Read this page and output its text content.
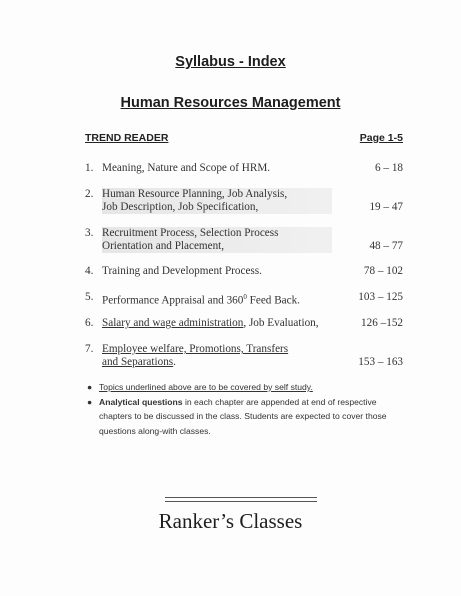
Syllabus - Index
Human Resources Management
TREND READER	Page 1-5
1. Meaning, Nature and Scope of HRM.	6 – 18
2. Human Resource Planning, Job Analysis,
Job Description, Job Specification,	19 – 47
3. Recruitment Process, Selection Process
Orientation and Placement,	48 – 77
4. Training and Development Process.	78 – 102
5. Performance Appraisal and $360^0$ Feed Back.	103 – 125
6. Salary and wage administration, Job Evaluation,	126 –152
7. Employee welfare, Promotions, Transfers
and Separations.	153 – 163
● Topics underlined above are to be covered by self study.
● Analytical questions in each chapter are appended at end of respective chapters to be discussed in the class. Students are expected to cover those questions along-with classes.
Ranker’s Classes
